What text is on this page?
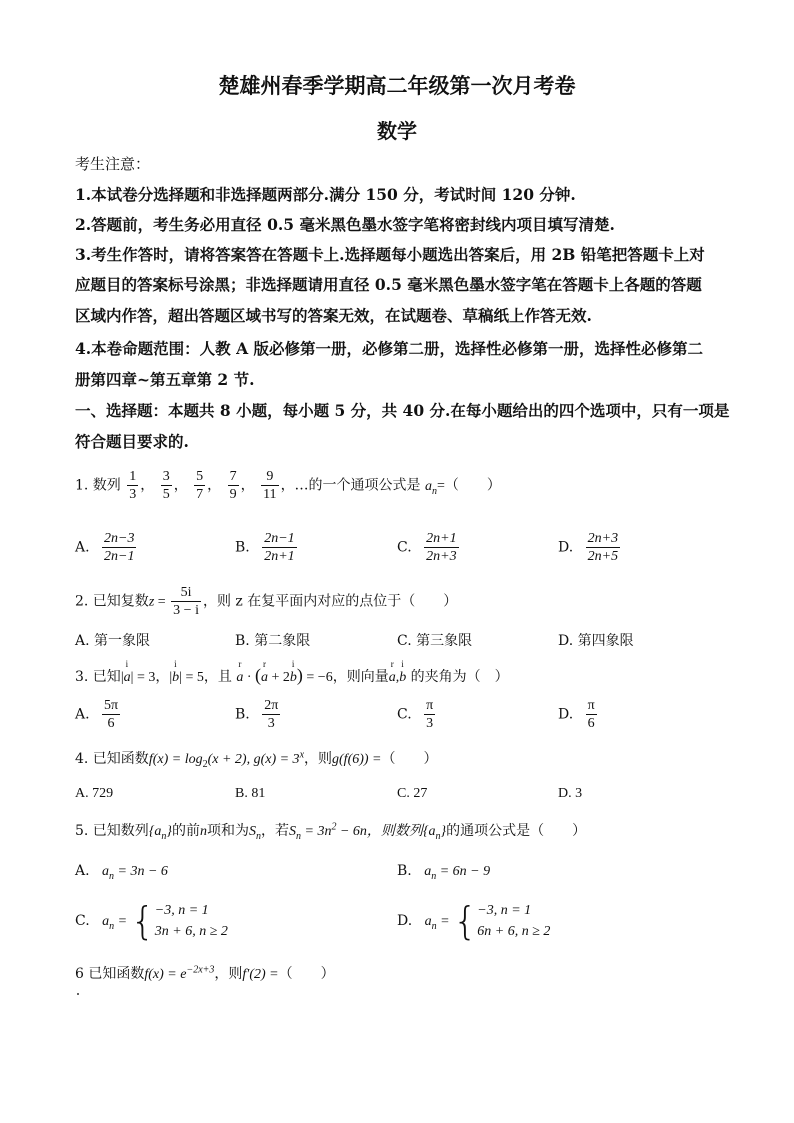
楚雄州春季学期高二年级第一次月考卷
数学
考生注意：
1.本试卷分选择题和非选择题两部分.满分 150 分，考试时间 120 分钟.
2.答题前，考生务必用直径 0.5 毫米黑色墨水签字笔将密封线内项目填写清楚.
3.考生作答时，请将答案答在答题卡上.选择题每小题选出答案后，用 2B 铅笔把答题卡上对
应题目的答案标号涂黑；非选择题请用直径 0.5 毫米黑色墨水签字笔在答题卡上各题的答题
区域内作答，超出答题区域书写的答案无效，在试题卷、草稿纸上作答无效.
4.本卷命题范围：人教 A 版必修第一册，必修第二册，选择性必修第一册，选择性必修第二
册第四章~第五章第 2 节.
一、选择题：本题共 8 小题，每小题 5 分，共 40 分.在每小题给出的四个选项中，只有一项是
符合题目要求的.
1. 数列 $\frac{1}{3}$ ， $\frac{3}{5}$ ， $\frac{5}{7}$ ， $\frac{7}{9}$ ， $\frac{9}{11}$ ，…的一个通项公式是 $a_n=$（　　）
A. $\frac{2n-3}{2n-1}$	B. $\frac{2n-1}{2n+1}$	C. $\frac{2n+1}{2n+3}$	D. $\frac{2n+3}{2n+5}$
2. 已知复数$z = \frac{5i}{3 - i}$ ，则 z 在复平面内对应的点位于（　　）
A. 第一象限	B. 第二象限	C. 第三象限	D. 第四象限
3. 已知|i a| = 3，|i b| = 5，且 r a · (r a + 2i b) = −6，则向量r a,i b 的夹角为（　）
A. $\frac{5\pi}{6}$	B. $\frac{2\pi}{3}$	C. $\frac{\pi}{3}$	D. $\frac{\pi}{6}$
4. 已知函数$f(x) = \log_2(x + 2)$, $g(x) = 3^x$，则g(f(6)) =（　　）
A. 729	B. 81	C. 27	D. 3
5. 已知数列$\{a_n\}$的前n项和为$S_n$，若$S_n = 3n^2 - 6n$，则数列$\{a_n\}$的通项公式是（　　）
A. $a_n = 3n - 6$	B. $a_n = 6n - 9$
C. $a_n$ = { −3, n = 1
3n + 6, n ≥ 2
D. $a_n$ = { −3, n = 1
6n + 6, n ≥ 2
6 已知函数$f(x) = e^{-2x+3}$，则f′(2) =（　　）
